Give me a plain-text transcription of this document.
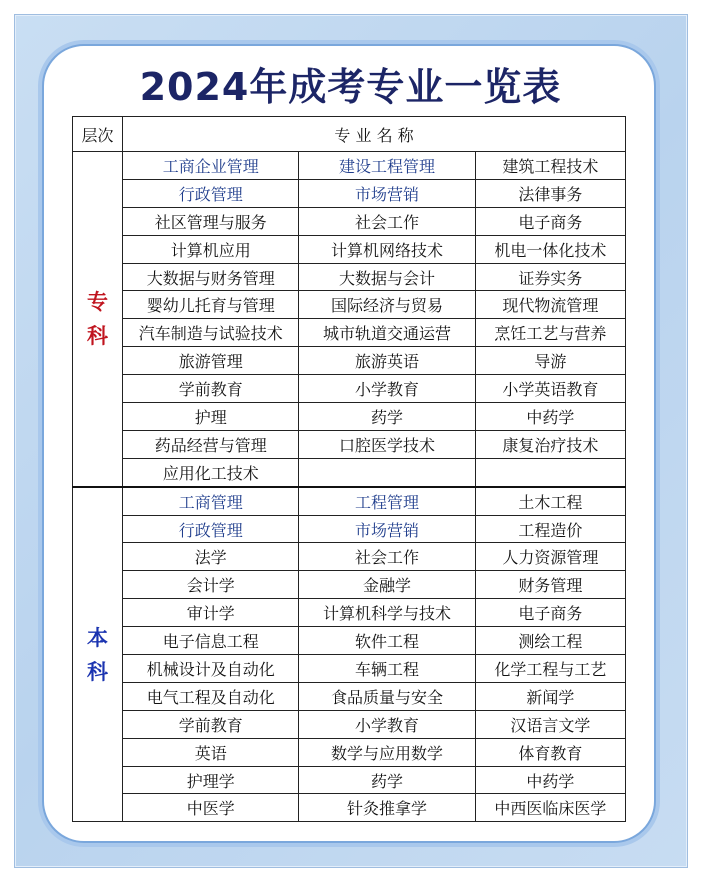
2024年成考专业一览表
层次	专 业 名 称		

专
科	工商企业管理	建设工程管理	建筑工程技术
	行政管理	市场营销	法律事务
	社区管理与服务	社会工作	电子商务
	计算机应用	计算机网络技术	机电一体化技术
	大数据与财务管理	大数据与会计	证券实务
	婴幼儿托育与管理	国际经济与贸易	现代物流管理
	汽车制造与试验技术	城市轨道交通运营	烹饪工艺与营养
	旅游管理	旅游英语	导游
	学前教育	小学教育	小学英语教育
	护理	药学	中药学
	药品经营与管理	口腔医学技术	康复治疗技术
	应用化工技术		

本
科	工商管理	工程管理	土木工程
	行政管理	市场营销	工程造价
	法学	社会工作	人力资源管理
	会计学	金融学	财务管理
	审计学	计算机科学与技术	电子商务
	电子信息工程	软件工程	测绘工程
	机械设计及自动化	车辆工程	化学工程与工艺
	电气工程及自动化	食品质量与安全	新闻学
	学前教育	小学教育	汉语言文学
	英语	数学与应用数学	体育教育
	护理学	药学	中药学
	中医学	针灸推拿学	中西医临床医学
